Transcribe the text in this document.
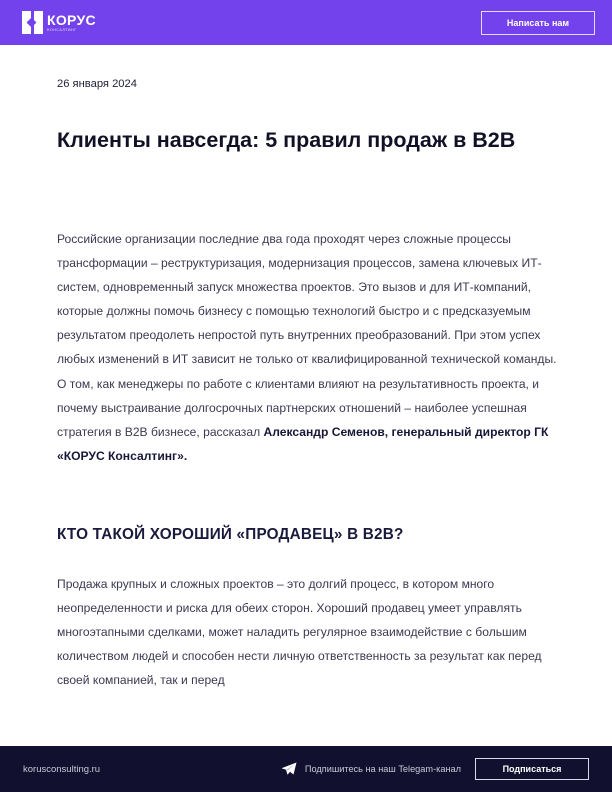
КОРУС
КОНСАЛТИНГ
Написать нам
26 января 2024
Клиенты навсегда: 5 правил продаж в B2B

Российские организации последние два года проходят через сложные процессы трансформации – реструктуризация, модернизация процессов, замена ключевых ИТ-систем, одновременный запуск множества проектов. Это вызов и для ИТ-компаний, которые должны помочь бизнесу с помощью технологий быстро и с предсказуемым результатом преодолеть непростой путь внутренних преобразований. При этом успех любых изменений в ИТ зависит не только от квалифицированной технической команды. О том, как менеджеры по работе с клиентами влияют на результативность проекта, и почему выстраивание долгосрочных партнерских отношений – наиболее успешная стратегия в B2B бизнесе, рассказал Александр Семенов, генеральный директор ГК «КОРУС Консалтинг».

КТО ТАКОЙ ХОРОШИЙ «ПРОДАВЕЦ» В B2B?

Продажа крупных и сложных проектов – это долгий процесс, в котором много неопределенности и риска для обеих сторон. Хороший продавец умеет управлять многоэтапными сделками, может наладить регулярное взаимодействие с большим количеством людей и способен нести личную ответственность за результат как перед своей компанией, так и перед

korusconsulting.ru	Подпишитесь на наш Telegam-канал	Подписаться
